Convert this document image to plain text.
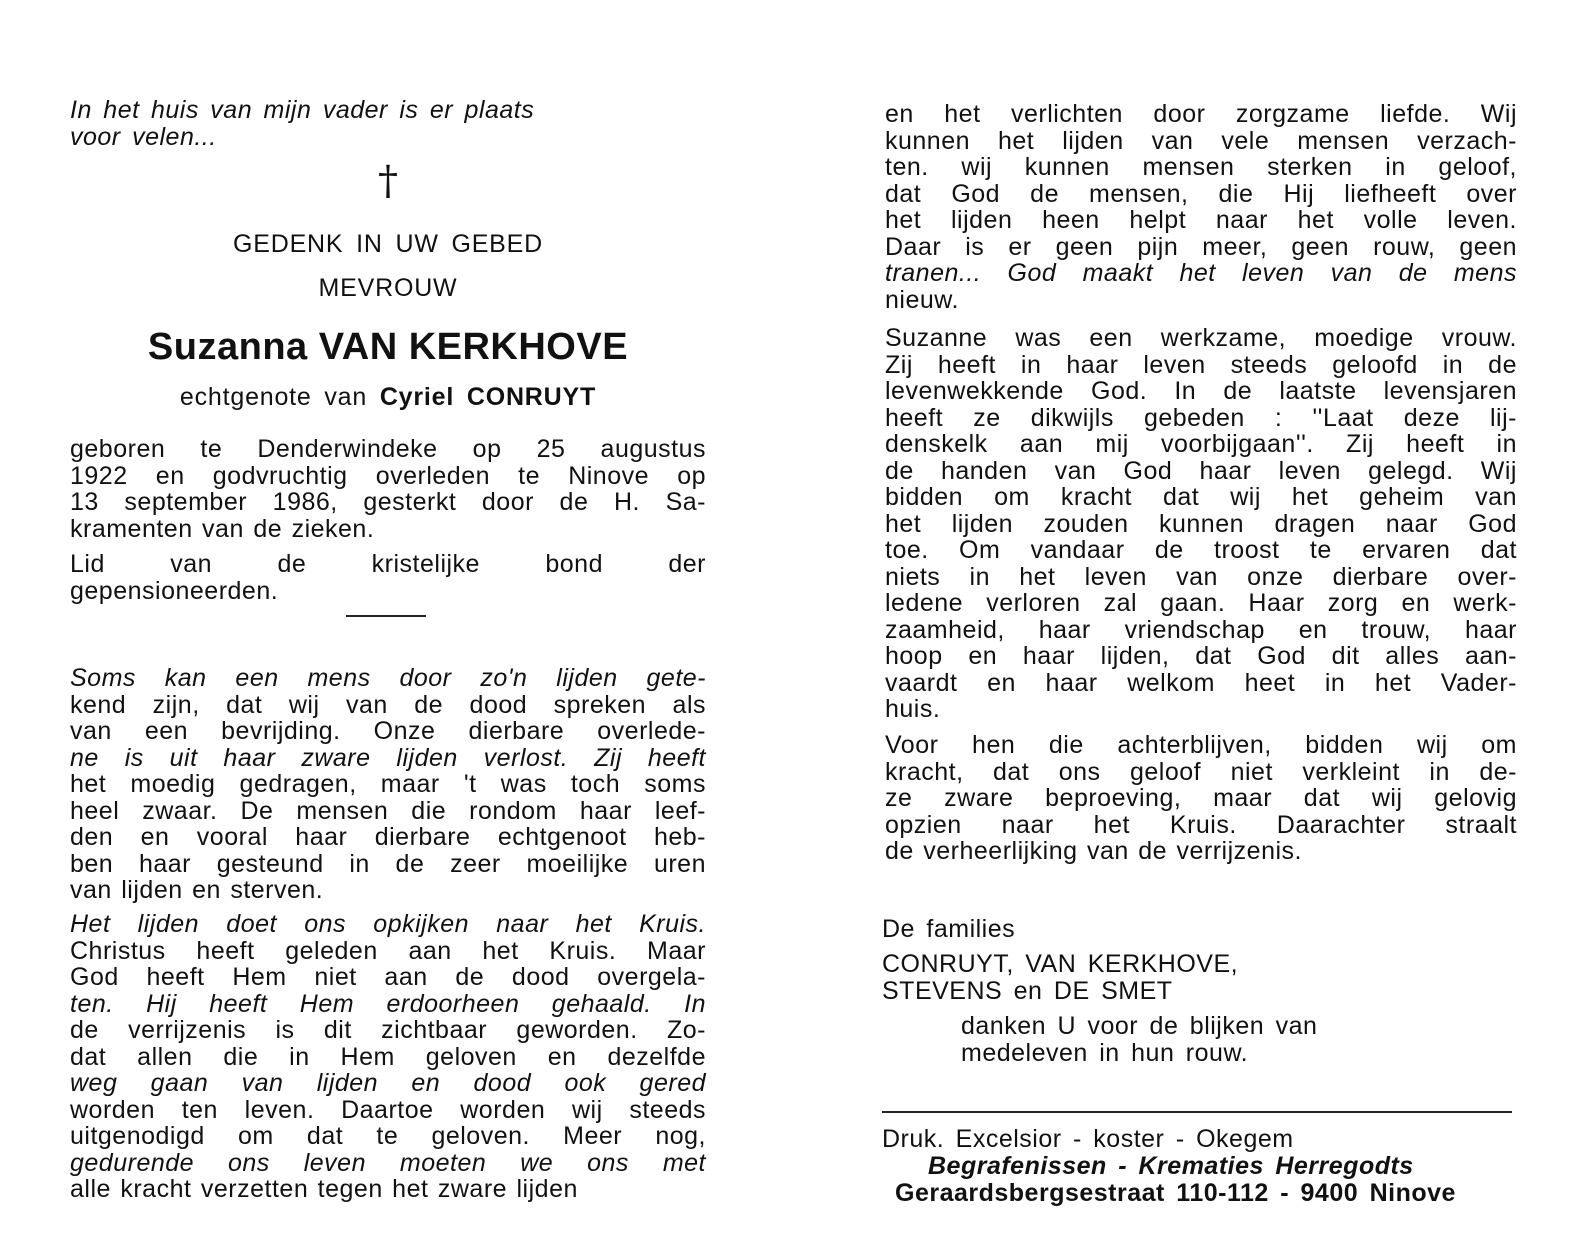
In het huis van mijn vader is er plaats
voor velen...
†
GEDENK IN UW GEBED
MEVROUW
Suzanna VAN KERKHOVE
echtgenote van Cyriel CONRUYT
geboren te Denderwindeke op 25 augustus
1922 en godvruchtig overleden te Ninove op
13 september 1986, gesterkt door de H. Sa-
kramenten van de zieken.
Lid van de kristelijke bond der
gepensioneerden.
Soms kan een mens door zo'n lijden gete-
kend zijn, dat wij van de dood spreken als
van een bevrijding. Onze dierbare overlede-
ne is uit haar zware lijden verlost. Zij heeft
het moedig gedragen, maar 't was toch soms
heel zwaar. De mensen die rondom haar leef-
den en vooral haar dierbare echtgenoot heb-
ben haar gesteund in de zeer moeilijke uren
van lijden en sterven.
Het lijden doet ons opkijken naar het Kruis.
Christus heeft geleden aan het Kruis. Maar
God heeft Hem niet aan de dood overgela-
ten. Hij heeft Hem erdoorheen gehaald. In
de verrijzenis is dit zichtbaar geworden. Zo-
dat allen die in Hem geloven en dezelfde
weg gaan van lijden en dood ook gered
worden ten leven. Daartoe worden wij steeds
uitgenodigd om dat te geloven. Meer nog,
gedurende ons leven moeten we ons met
alle kracht verzetten tegen het zware lijden
en het verlichten door zorgzame liefde. Wij
kunnen het lijden van vele mensen verzach-
ten. wij kunnen mensen sterken in geloof,
dat God de mensen, die Hij liefheeft over
het lijden heen helpt naar het volle leven.
Daar is er geen pijn meer, geen rouw, geen
tranen... God maakt het leven van de mens
nieuw.
Suzanne was een werkzame, moedige vrouw.
Zij heeft in haar leven steeds geloofd in de
levenwekkende God. In de laatste levensjaren
heeft ze dikwijls gebeden : ''Laat deze lij-
denskelk aan mij voorbijgaan''. Zij heeft in
de handen van God haar leven gelegd. Wij
bidden om kracht dat wij het geheim van
het lijden zouden kunnen dragen naar God
toe. Om vandaar de troost te ervaren dat
niets in het leven van onze dierbare over-
ledene verloren zal gaan. Haar zorg en werk-
zaamheid, haar vriendschap en trouw, haar
hoop en haar lijden, dat God dit alles aan-
vaardt en haar welkom heet in het Vader-
huis.
Voor hen die achterblijven, bidden wij om
kracht, dat ons geloof niet verkleint in de-
ze zware beproeving, maar dat wij gelovig
opzien naar het Kruis. Daarachter straalt
de verheerlijking van de verrijzenis.
De families
CONRUYT, VAN KERKHOVE,
STEVENS en DE SMET
danken U voor de blijken van
medeleven in hun rouw.
Druk. Excelsior - koster - Okegem
Begrafenissen - Krematies Herregodts
Geraardsbergsestraat 110-112 - 9400 Ninove
